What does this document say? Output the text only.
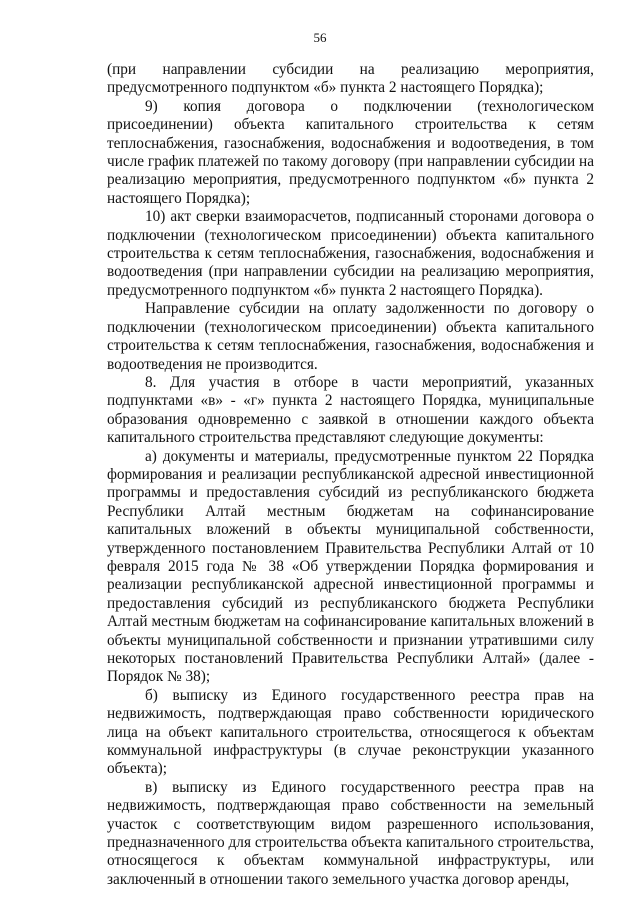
56

(при направлении субсидии на реализацию мероприятия, предусмотренного подпунктом «б» пункта 2 настоящего Порядка);

9) копия договора о подключении (технологическом присоединении) объекта капитального строительства к сетям теплоснабжения, газоснабжения, водоснабжения и водоотведения, в том числе график платежей по такому договору (при направлении субсидии на реализацию мероприятия, предусмотренного подпунктом «б» пункта 2 настоящего Порядка);

10) акт сверки взаиморасчетов, подписанный сторонами договора о подключении (технологическом присоединении) объекта капитального строительства к сетям теплоснабжения, газоснабжения, водоснабжения и водоотведения (при направлении субсидии на реализацию мероприятия, предусмотренного подпунктом «б» пункта 2 настоящего Порядка).

Направление субсидии на оплату задолженности по договору о подключении (технологическом присоединении) объекта капитального строительства к сетям теплоснабжения, газоснабжения, водоснабжения и водоотведения не производится.

8. Для участия в отборе в части мероприятий, указанных подпунктами «в» - «г» пункта 2 настоящего Порядка, муниципальные образования одновременно с заявкой в отношении каждого объекта капитального строительства представляют следующие документы:

а) документы и материалы, предусмотренные пунктом 22 Порядка формирования и реализации республиканской адресной инвестиционной программы и предоставления субсидий из республиканского бюджета Республики Алтай местным бюджетам на софинансирование капитальных вложений в объекты муниципальной собственности, утвержденного постановлением Правительства Республики Алтай от 10 февраля 2015 года № 38 «Об утверждении Порядка формирования и реализации республиканской адресной инвестиционной программы и предоставления субсидий из республиканского бюджета Республики Алтай местным бюджетам на софинансирование капитальных вложений в объекты муниципальной собственности и признании утратившими силу некоторых постановлений Правительства Республики Алтай» (далее - Порядок № 38);

б) выписку из Единого государственного реестра прав на недвижимость, подтверждающая право собственности юридического лица на объект капитального строительства, относящегося к объектам коммунальной инфраструктуры (в случае реконструкции указанного объекта);

в) выписку из Единого государственного реестра прав на недвижимость, подтверждающая право собственности на земельный участок с соответствующим видом разрешенного использования, предназначенного для строительства объекта капитального строительства, относящегося к объектам коммунальной инфраструктуры, или заключенный в отношении такого земельного участка договор аренды,
